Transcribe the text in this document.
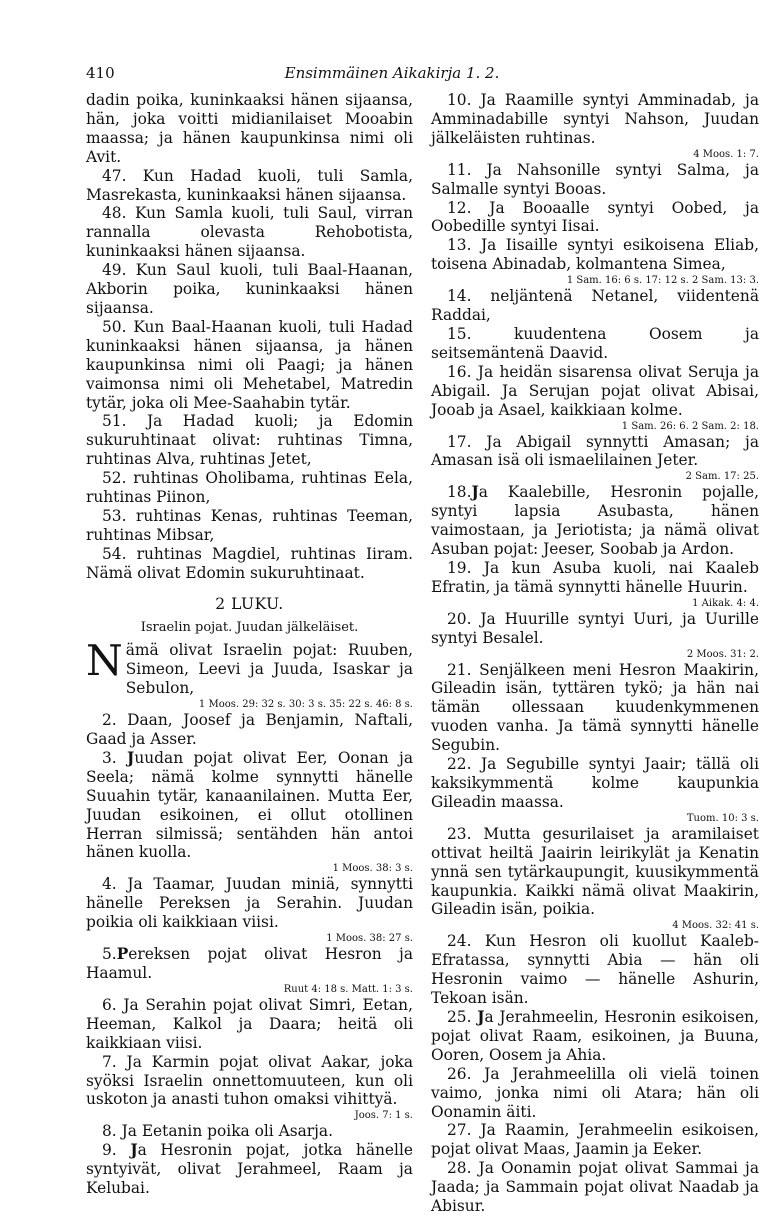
410	Ensimmäinen Aikakirja 1. 2.

dadin poika, kuninkaaksi hänen sijaansa, hän, joka voitti midianilaiset Mooabin maassa; ja hänen kaupunkinsa nimi oli Avit.

47. Kun Hadad kuoli, tuli Samla, Masrekasta, kuninkaaksi hänen sijaansa.

48. Kun Samla kuoli, tuli Saul, virran rannalla olevasta Rehobotista, kuninkaaksi hänen sijaansa.

49. Kun Saul kuoli, tuli Baal-Haanan, Akborin poika, kuninkaaksi hänen sijaansa.

50. Kun Baal-Haanan kuoli, tuli Hadad kuninkaaksi hänen sijaansa, ja hänen kaupunkinsa nimi oli Paagi; ja hänen vaimonsa nimi oli Mehetabel, Matredin tytär, joka oli Mee-Saahabin tytär.

51. Ja Hadad kuoli; ja Edomin sukuruhtinaat olivat: ruhtinas Timna, ruhtinas Alva, ruhtinas Jetet,

52. ruhtinas Oholibama, ruhtinas Eela, ruhtinas Piinon,

53. ruhtinas Kenas, ruhtinas Teeman, ruhtinas Mibsar,

54. ruhtinas Magdiel, ruhtinas Iiram. Nämä olivat Edomin sukuruhtinaat.

2 LUKU.
Israelin pojat. Juudan jälkeläiset.

Nämä olivat Israelin pojat: Ruuben, Simeon, Leevi ja Juuda, Isaskar ja Sebulon,
1 Moos. 29: 32 s. 30: 3 s. 35: 22 s. 46: 8 s.

2. Daan, Joosef ja Benjamin, Naftali, Gaad ja Asser.

3. Juudan pojat olivat Eer, Oonan ja Seela; nämä kolme synnytti hänelle Suuahin tytär, kanaanilainen. Mutta Eer, Juudan esikoinen, ei ollut otollinen Herran silmissä; sentähden hän antoi hänen kuolla.
1 Moos. 38: 3 s.

4. Ja Taamar, Juudan miniä, synnytti hänelle Pereksen ja Serahin. Juudan poikia oli kaikkiaan viisi.
1 Moos. 38: 27 s.

5.Pereksen pojat olivat Hesron ja Haamul.
Ruut 4: 18 s. Matt. 1: 3 s.

6. Ja Serahin pojat olivat Simri, Eetan, Heeman, Kalkol ja Daara; heitä oli kaikkiaan viisi.

7. Ja Karmin pojat olivat Aakar, joka syöksi Israelin onnettomuuteen, kun oli uskoton ja anasti tuhon omaksi vihittyä.
Joos. 7: 1 s.

8. Ja Eetanin poika oli Asarja.

9. Ja Hesronin pojat, jotka hänelle syntyivät, olivat Jerahmeel, Raam ja Kelubai.

10. Ja Raamille syntyi Amminadab, ja Amminadabille syntyi Nahson, Juudan jälkeläisten ruhtinas.
4 Moos. 1: 7.

11. Ja Nahsonille syntyi Salma, ja Salmalle syntyi Booas.

12. Ja Booaalle syntyi Oobed, ja Oobedille syntyi Iisai.

13. Ja Iisaille syntyi esikoisena Eliab, toisena Abinadab, kolmantena Simea,
1 Sam. 16: 6 s. 17: 12 s. 2 Sam. 13: 3.

14. neljäntenä Netanel, viidentenä Raddai,

15. kuudentena Oosem ja seitsemäntenä Daavid.

16. Ja heidän sisarensa olivat Seruja ja Abigail. Ja Serujan pojat olivat Abisai, Jooab ja Asael, kaikkiaan kolme.
1 Sam. 26: 6. 2 Sam. 2: 18.

17. Ja Abigail synnytti Amasan; ja Amasan isä oli ismaelilainen Jeter.
2 Sam. 17: 25.

18.Ja Kaalebille, Hesronin pojalle, syntyi lapsia Asubasta, hänen vaimostaan, ja Jeriotista; ja nämä olivat Asuban pojat: Jeeser, Soobab ja Ardon.

19. Ja kun Asuba kuoli, nai Kaaleb Efratin, ja tämä synnytti hänelle Huurin.
1 Aikak. 4: 4.

20. Ja Huurille syntyi Uuri, ja Uurille syntyi Besalel.
2 Moos. 31: 2.

21. Senjälkeen meni Hesron Maakirin, Gileadin isän, tyttären tykö; ja hän nai tämän ollessaan kuudenkymmenen vuoden vanha. Ja tämä synnytti hänelle Segubin.

22. Ja Segubille syntyi Jaair; tällä oli kaksikymmentä kolme kaupunkia Gileadin maassa.
Tuom. 10: 3 s.

23. Mutta gesurilaiset ja aramilaiset ottivat heiltä Jaairin leirikylät ja Kenatin ynnä sen tytärkaupungit, kuusikymmentä kaupunkia. Kaikki nämä olivat Maakirin, Gileadin isän, poikia.
4 Moos. 32: 41 s.

24. Kun Hesron oli kuollut Kaaleb-Efratassa, synnytti Abia — hän oli Hesronin vaimo — hänelle Ashurin, Tekoan isän.

25. Ja Jerahmeelin, Hesronin esikoisen, pojat olivat Raam, esikoinen, ja Buuna, Ooren, Oosem ja Ahia.

26. Ja Jerahmeelilla oli vielä toinen vaimo, jonka nimi oli Atara; hän oli Oonamin äiti.

27. Ja Raamin, Jerahmeelin esikoisen, pojat olivat Maas, Jaamin ja Eeker.

28. Ja Oonamin pojat olivat Sammai ja Jaada; ja Sammain pojat olivat Naadab ja Abisur.
